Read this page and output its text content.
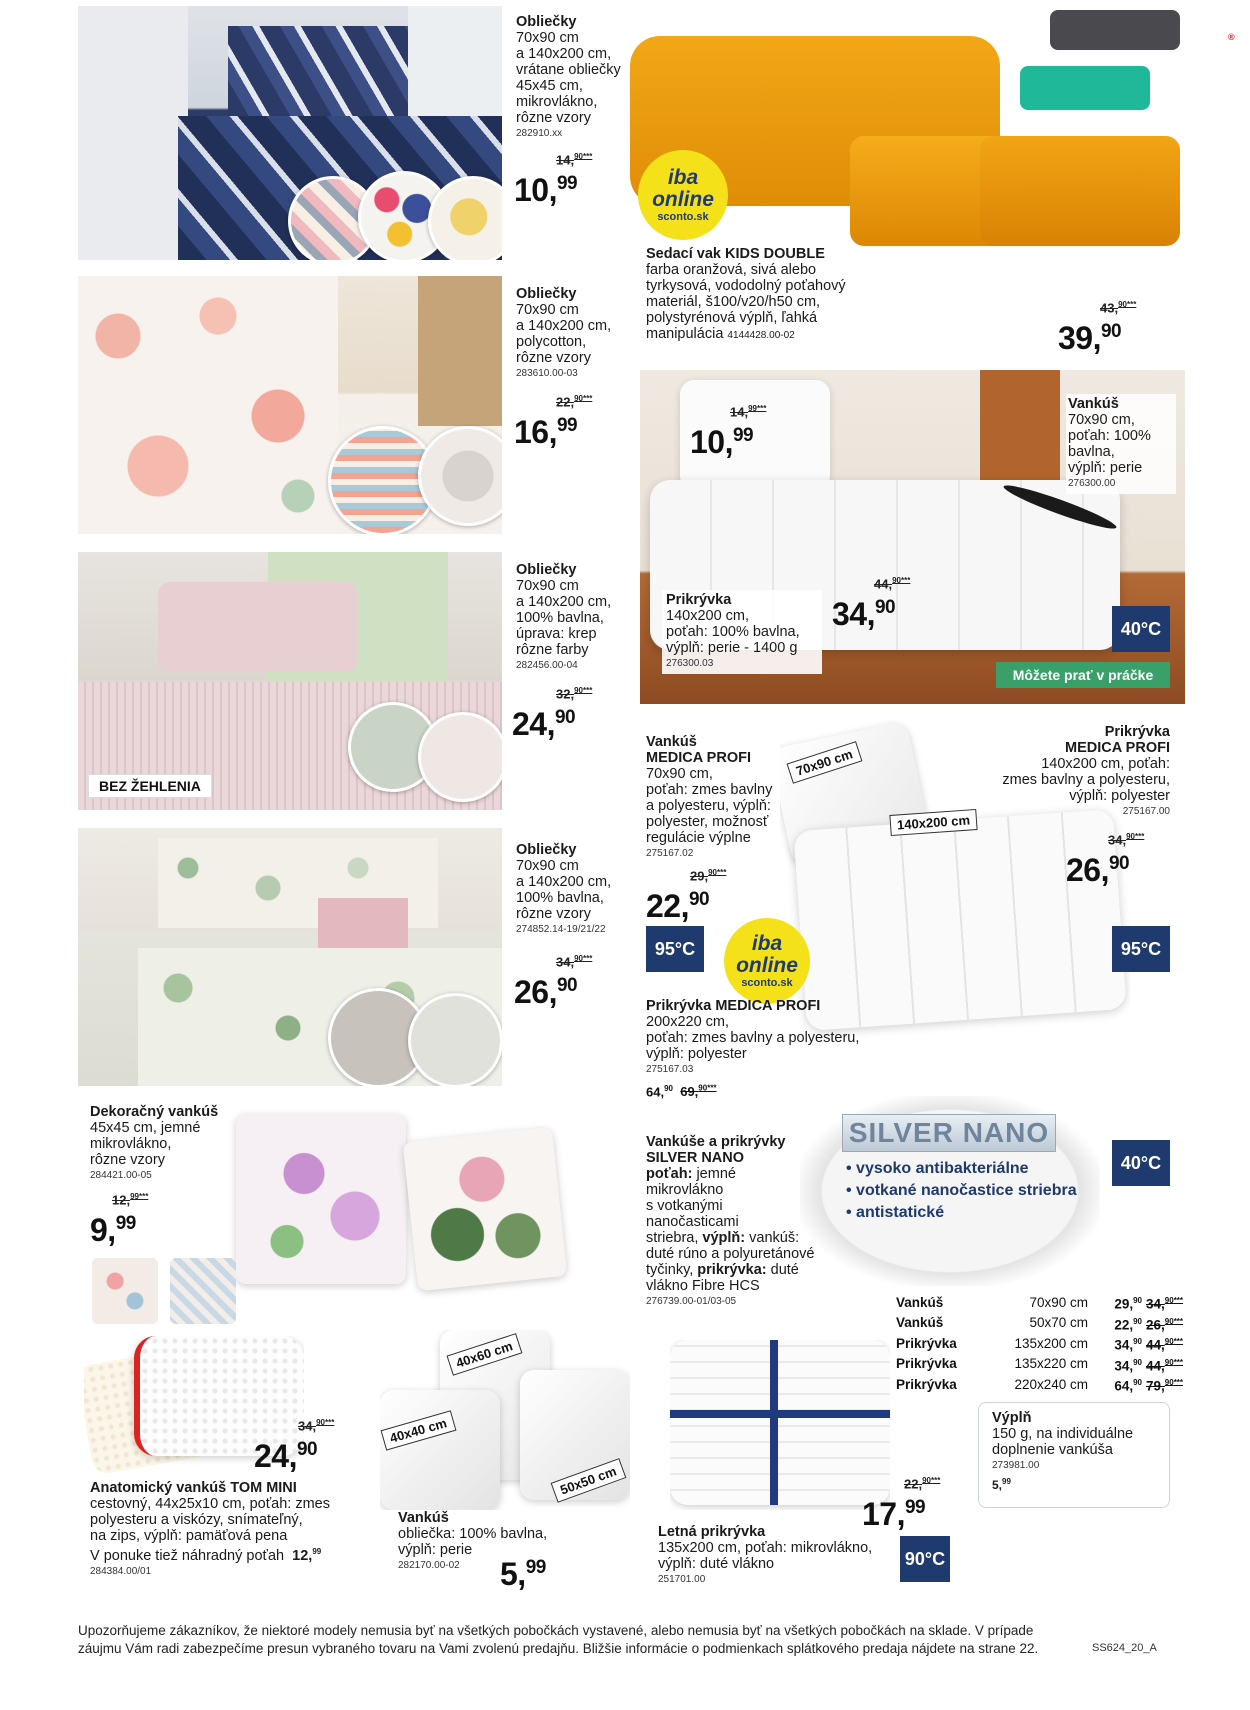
®
Obliečky
70x90 cm
a 140x200 cm,
vrátane obliečky
45x45 cm,
mikrovlákno,
rôzne vzory
282910.xx
14,$^{90***}$
10,99
Obliečky
70x90 cm
a 140x200 cm,
polycotton,
rôzne vzory
283610.00-03
22,$^{90***}$
16,99
BEZ ŽEHLENIA
Obliečky
70x90 cm
a 140x200 cm,
100% bavlna,
úprava: krep
rôzne farby
282456.00-04
32,$^{90***}$
24,90
Obliečky
70x90 cm
a 140x200 cm,
100% bavlna,
rôzne vzory
274852.14-19/21/22
34,$^{90***}$
26,90
iba
online
sconto.sk
Sedací vak KIDS DOUBLE
farba oranžová, sivá alebo
tyrkysová, vododolný poťahový
materiál, š100/v20/h50 cm,
polystyrénová výplň, ľahká
manipulácia 4144428.00-02
43,$^{90***}$
39,90
14,$^{99***}$
10,99
Vankúš
70x90 cm,
poťah: 100%
bavlna,
výplň: perie
276300.00
Prikrývka
140x200 cm,
poťah: 100% bavlna,
výplň: perie - 1400 g
276300.03
44,$^{90***}$
34,90
40°C
Môžete prať v práčke
70x90 cm
140x200 cm
Vankúš
MEDICA PROFI
70x90 cm,
poťah: zmes bavlny
a polyesteru, výplň:
polyester, možnosť
regulácie výplne
275167.02
29,$^{90***}$
22,90
95°C	iba
online
sconto.sk
Prikrývka
MEDICA PROFI
140x200 cm, poťah:
zmes bavlny a polyesteru,
výplň: polyester
275167.00
34,$^{90***}$
26,90
95°C
Prikrývka MEDICA PROFI
200x220 cm,
poťah: zmes bavlny a polyesteru,
výplň: polyester
275167.03
64,90 69,$^{90***}$
Dekoračný vankúš
45x45 cm, jemné
mikrovlákno,
rôzne vzory
284421.00-05
12,$^{99***}$
9,99
SILVER NANO
• vysoko antibakteriálne
• votkané nanočastice striebra
• antistatické
40°C
Vankúše a prikrývky
SILVER NANO
poťah: jemné
mikrovlákno
s votkanými
nanočasticami
striebra, výplň: vankúš:
duté rúno a polyuretánové
tyčinky, prikrývka: duté
vlákno Fibre HCS
276739.00-01/03-05	Vankúš	70x90 cm	29,90	34,$^{90***}$
Vankúš	50x70 cm	22,90	26,$^{90***}$
Prikrývka	135x200 cm	34,90	44,$^{90***}$
Prikrývka	135x220 cm	34,90	44,$^{90***}$
Prikrývka	220x240 cm	64,90	79,$^{90***}$
34,$^{90***}$
24,90
Anatomický vankúš TOM MINI
cestovný, 44x25x10 cm, poťah: zmes
polyesteru a viskózy, snímateľný,
na zips, výplň: pamäťová pena
V ponuke tiež náhradný poťah 12,99
284384.00/01
40x60 cm
40x40 cm
50x50 cm
Vankúš
obliečka: 100% bavlna,
výplň: perie
282170.00-02	5,99
22,$^{90***}$
17,99
Letná prikrývka
135x200 cm, poťah: mikrovlákno,
výplň: duté vlákno
251701.00
90°C
Výplň
150 g, na individuálne
doplnenie vankúša
273981.00
5,99
Upozorňujeme zákazníkov, že niektoré modely nemusia byť na všetkých pobočkách vystavené, alebo nemusia byť na všetkých pobočkách na sklade. V prípade záujmu Vám radi zabezpečíme presun vybraného tovaru na Vami zvolenú predajňu. Bližšie informácie o podmienkach splátkového predaja nájdete na strane 22.	SS624_20_A
